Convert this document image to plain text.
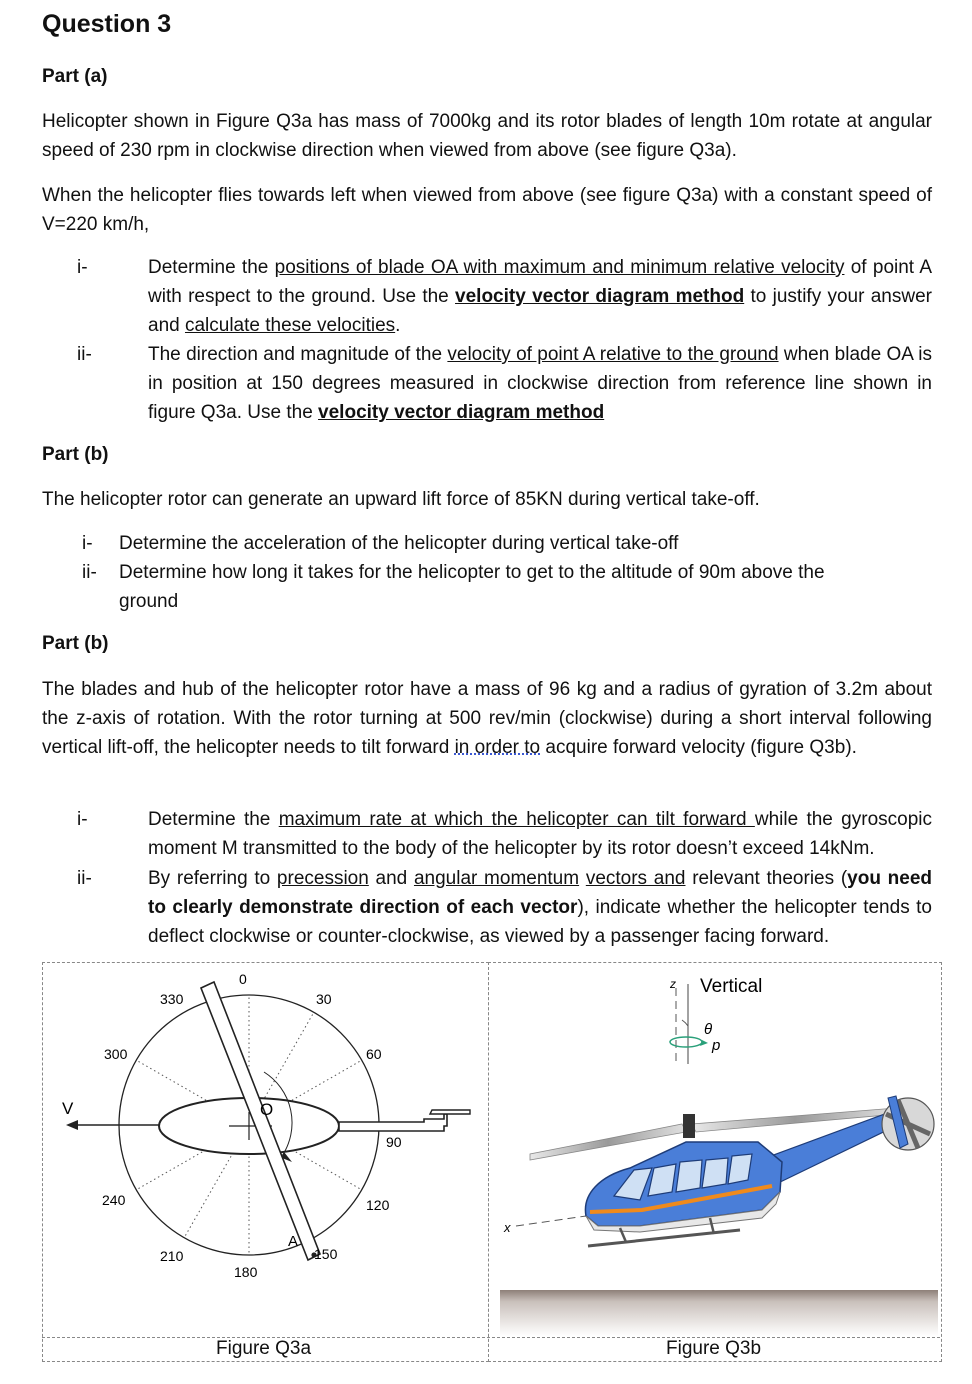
Question 3

Part (a)

Helicopter shown in Figure Q3a has mass of 7000kg and its rotor blades of length 10m rotate at angular speed of 230 rpm in clockwise direction when viewed from above (see figure Q3a).

When the helicopter flies towards left when viewed from above (see figure Q3a) with a constant speed of V=220 km/h,

i-	Determine the positions of blade OA with maximum and minimum relative velocity of point A with respect to the ground. Use the velocity vector diagram method to justify your answer and calculate these velocities.

ii-	The direction and magnitude of the velocity of point A relative to the ground when blade OA is in position at 150 degrees measured in clockwise direction from reference line shown in figure Q3a. Use the velocity vector diagram method

Part (b)

The helicopter rotor can generate an upward lift force of 85KN during vertical take-off.

i- Determine the acceleration of the helicopter during vertical take-off

ii- Determine how long it takes for the helicopter to get to the altitude of 90m above the ground

Part (b)

The blades and hub of the helicopter rotor have a mass of 96 kg and a radius of gyration of 3.2m about the z-axis of rotation. With the rotor turning at 500 rev/min (clockwise) during a short interval following vertical lift-off, the helicopter needs to tilt forward in order to acquire forward velocity (figure Q3b).

i-	Determine the maximum rate at which the helicopter can tilt forward while the gyroscopic moment M transmitted to the body of the helicopter by its rotor doesn’t exceed 14kNm.

ii-	By referring to precession and angular momentum vectors and relevant theories (you need to clearly demonstrate direction of each vector), indicate whether the helicopter tends to deflect clockwise or counter-clockwise, as viewed by a passenger facing forward.

V	O
A
0
30
60
90
120
150
180
210
240
300
330
Figure Q3a
z Vertical
θ
p
x
Figure Q3b
